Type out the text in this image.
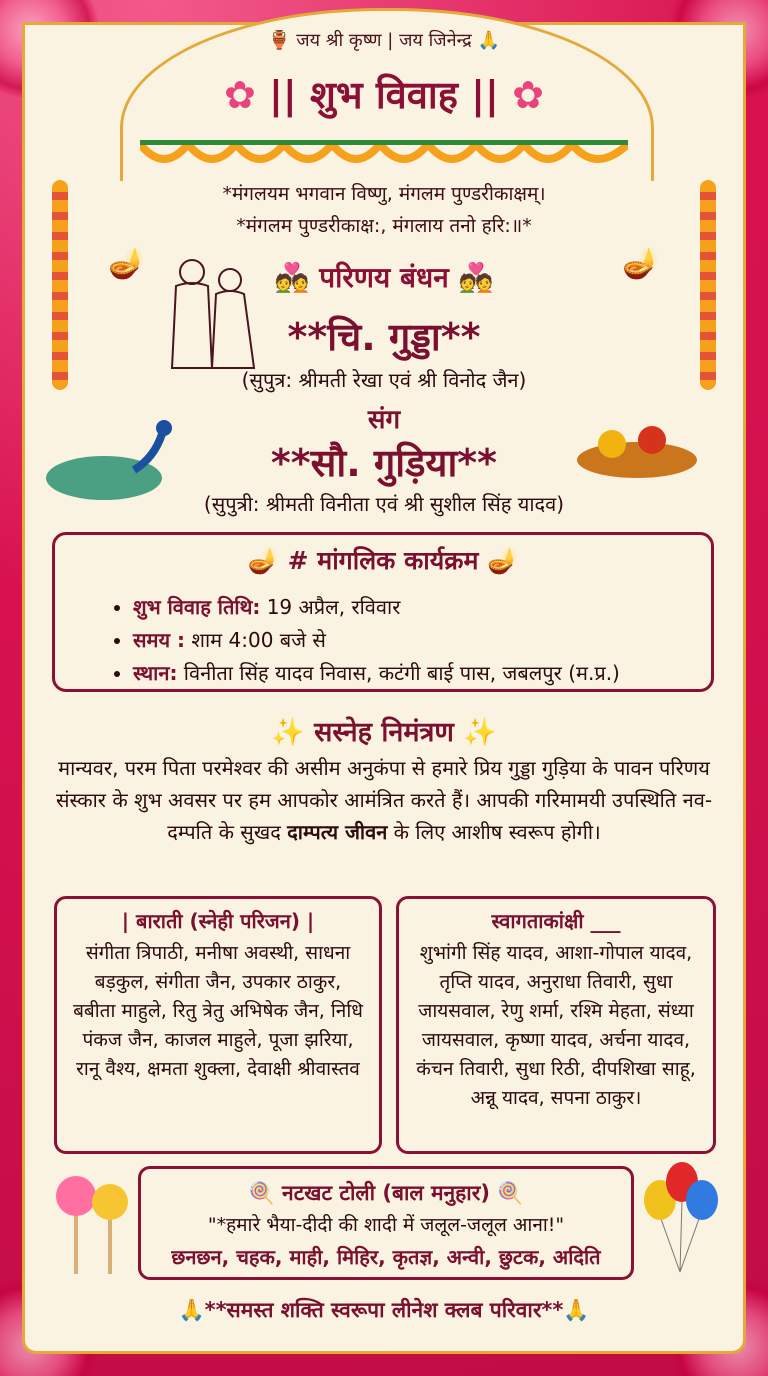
🏺 जय श्री कृष्ण | जय जिनेन्द्र 🙏
✿ || शुभ विवाह || ✿
*मंगलयम भगवान विष्णु, मंगलम पुण्डरीकाक्षम्।
*मंगलम पुण्डरीकाक्ष:, मंगलाय तनो हरि:॥*
🪔	🪔
💑 परिणय बंधन 💑
**चि. गुड्डा**
(सुपुत्र: श्रीमती रेखा एवं श्री विनोद जैन)
संग
**सौ. गुड़िया**
(सुपुत्री: श्रीमती विनीता एवं श्री सुशील सिंह यादव)
🪔 # मांगलिक कार्यक्रम 🪔
• शुभ विवाह तिथि: 19 अप्रैल, रविवार
• समय : शाम 4:00 बजे से
• स्थान: विनीता सिंह यादव निवास, कटंगी बाई पास, जबलपुर (म.प्र.)
✨ सस्नेह निमंत्रण ✨
मान्यवर, परम पिता परमेश्वर की असीम अनुकंपा से हमारे प्रिय गुड्डा गुड़िया के पावन परिणय संस्कार के शुभ अवसर पर हम आपकोर आमंत्रित करते हैं। आपकी गरिमामयी उपस्थिति नव-दम्पति के सुखद दाम्पत्य जीवन के लिए आशीष स्वरूप होगी।
| बाराती (स्नेही परिजन) |

संगीता त्रिपाठी, मनीषा अवस्थी, साधना बड़कुल, संगीता जैन, उपकार ठाकुर, बबीता माहुले, रितु त्रेतु अभिषेक जैन, निधि पंकज जैन, काजल माहुले, पूजा झरिया, रानू वैश्य, क्षमता शुक्ला, देवाक्षी श्रीवास्तव

स्वागताकांक्षी ___

शुभांगी सिंह यादव, आशा-गोपाल यादव, तृप्ति यादव, अनुराधा तिवारी, सुधा जायसवाल, रेणु शर्मा, रश्मि मेहता, संध्या जायसवाल, कृष्णा यादव, अर्चना यादव, कंचन तिवारी, सुधा रिठी, दीपशिखा साहू, अन्नू यादव, सपना ठाकुर।

🍭 नटखट टोली (बाल मनुहार) 🍭
"*हमारे भैया-दीदी की शादी में जलूल-जलूल आना!"
छनछन, चहक, माही, मिहिर, कृतज्ञ, अन्वी, छुटक, अदिति
🙏**समस्त शक्ति स्वरूपा लीनेश क्लब परिवार**🙏
